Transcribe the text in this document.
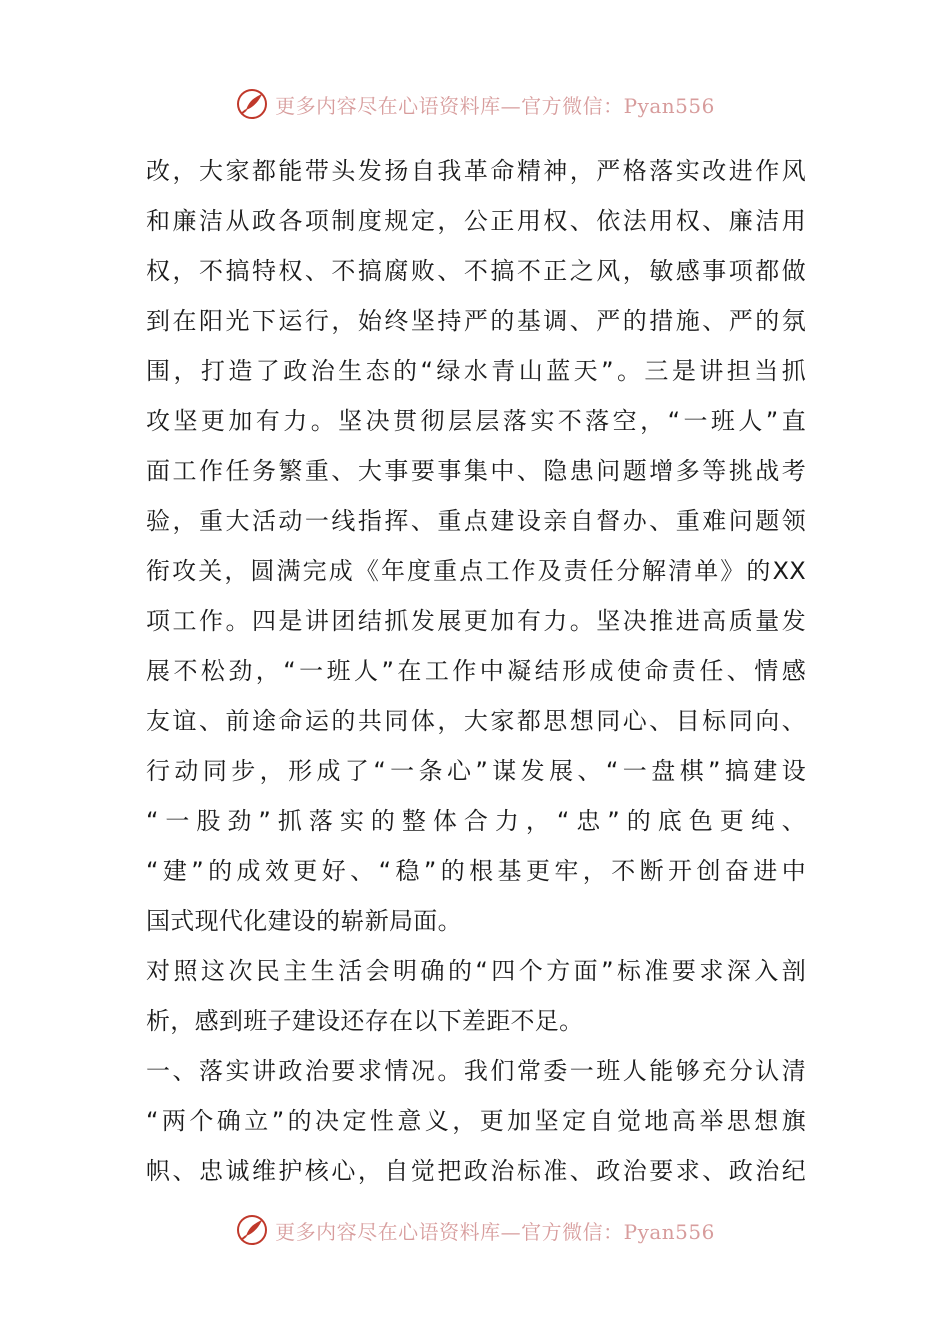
更多内容尽在心语资料库—官方微信：Pyan556
改，大家都能带头发扬自我革命精神，严格落实改进作风
和廉洁从政各项制度规定，公正用权、依法用权、廉洁用
权，不搞特权、不搞腐败、不搞不正之风，敏感事项都做
到在阳光下运行，始终坚持严的基调、严的措施、严的氛
围，打造了政治生态的“绿水青山蓝天”。三是讲担当抓
攻坚更加有力。坚决贯彻层层落实不落空，“一班人”直
面工作任务繁重、大事要事集中、隐患问题增多等挑战考
验，重大活动一线指挥、重点建设亲自督办、重难问题领
衔攻关，圆满完成《年度重点工作及责任分解清单》的XX
项工作。四是讲团结抓发展更加有力。坚决推进高质量发
展不松劲，“一班人”在工作中凝结形成使命责任、情感
友谊、前途命运的共同体，大家都思想同心、目标同向、
行动同步，形成了“一条心”谋发展、“一盘棋”搞建设
“一股劲”抓落实的整体合力，“忠”的底色更纯、
“建”的成效更好、“稳”的根基更牢，不断开创奋进中
国式现代化建设的崭新局面。
对照这次民主生活会明确的“四个方面”标准要求深入剖
析，感到班子建设还存在以下差距不足。
一、落实讲政治要求情况。我们常委一班人能够充分认清
“两个确立”的决定性意义，更加坚定自觉地高举思想旗
帜、忠诚维护核心，自觉把政治标准、政治要求、政治纪
更多内容尽在心语资料库—官方微信：Pyan556
